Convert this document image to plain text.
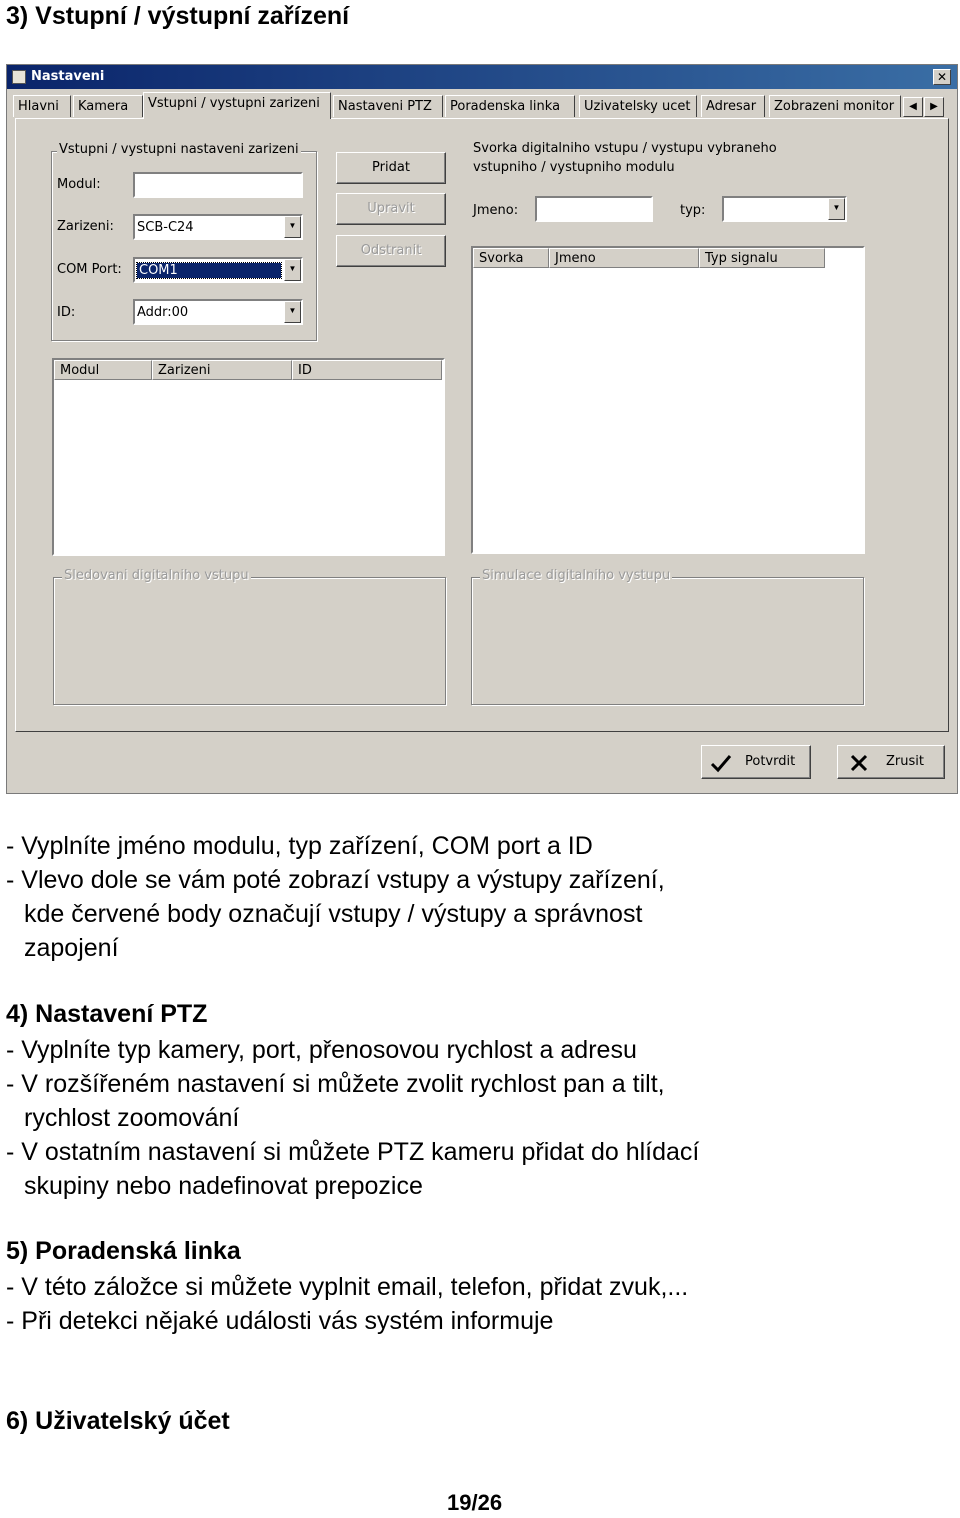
3) Vstupní / výstupní zařízení
Nastaveni	✕
Hlavni	Kamera	Vstupni / vystupni zarizeni	Nastaveni PTZ	Poradenska linka	Uzivatelsky ucet	Adresar	Zobrazeni monitor	◀	▶
Vstupni / vystupni nastaveni zarizeni
Modul:
Zarizeni: SCB-C24	▼
COM Port: COM1	▼
ID:	Addr:00	▼
Pridat
Upravit
Odstranit
Modul	Zarizeni	ID
Svorka digitalniho vstupu / vystupu vybraneho
vstupniho / vystupniho modulu
Jmeno:	typ:	▼
Svorka	Jmeno	Typ signalu
Sledovani digitalniho vstupu	Simulace digitalniho vystupu
Potvrdit	Zrusit
- Vyplníte jméno modulu, typ zařízení, COM port a ID
- Vlevo dole se vám poté zobrazí vstupy a výstupy zařízení,
kde červené body označují vstupy / výstupy a správnost
zapojení
4) Nastavení PTZ
- Vyplníte typ kamery, port, přenosovou rychlost a adresu
- V rozšířeném nastavení si můžete zvolit rychlost pan a tilt,
rychlost zoomování
- V ostatním nastavení si můžete PTZ kameru přidat do hlídací
skupiny nebo nadefinovat prepozice
5) Poradenská linka
- V této záložce si můžete vyplnit email, telefon, přidat zvuk,...
- Při detekci nějaké události vás systém informuje
6) Uživatelský účet
19/26
